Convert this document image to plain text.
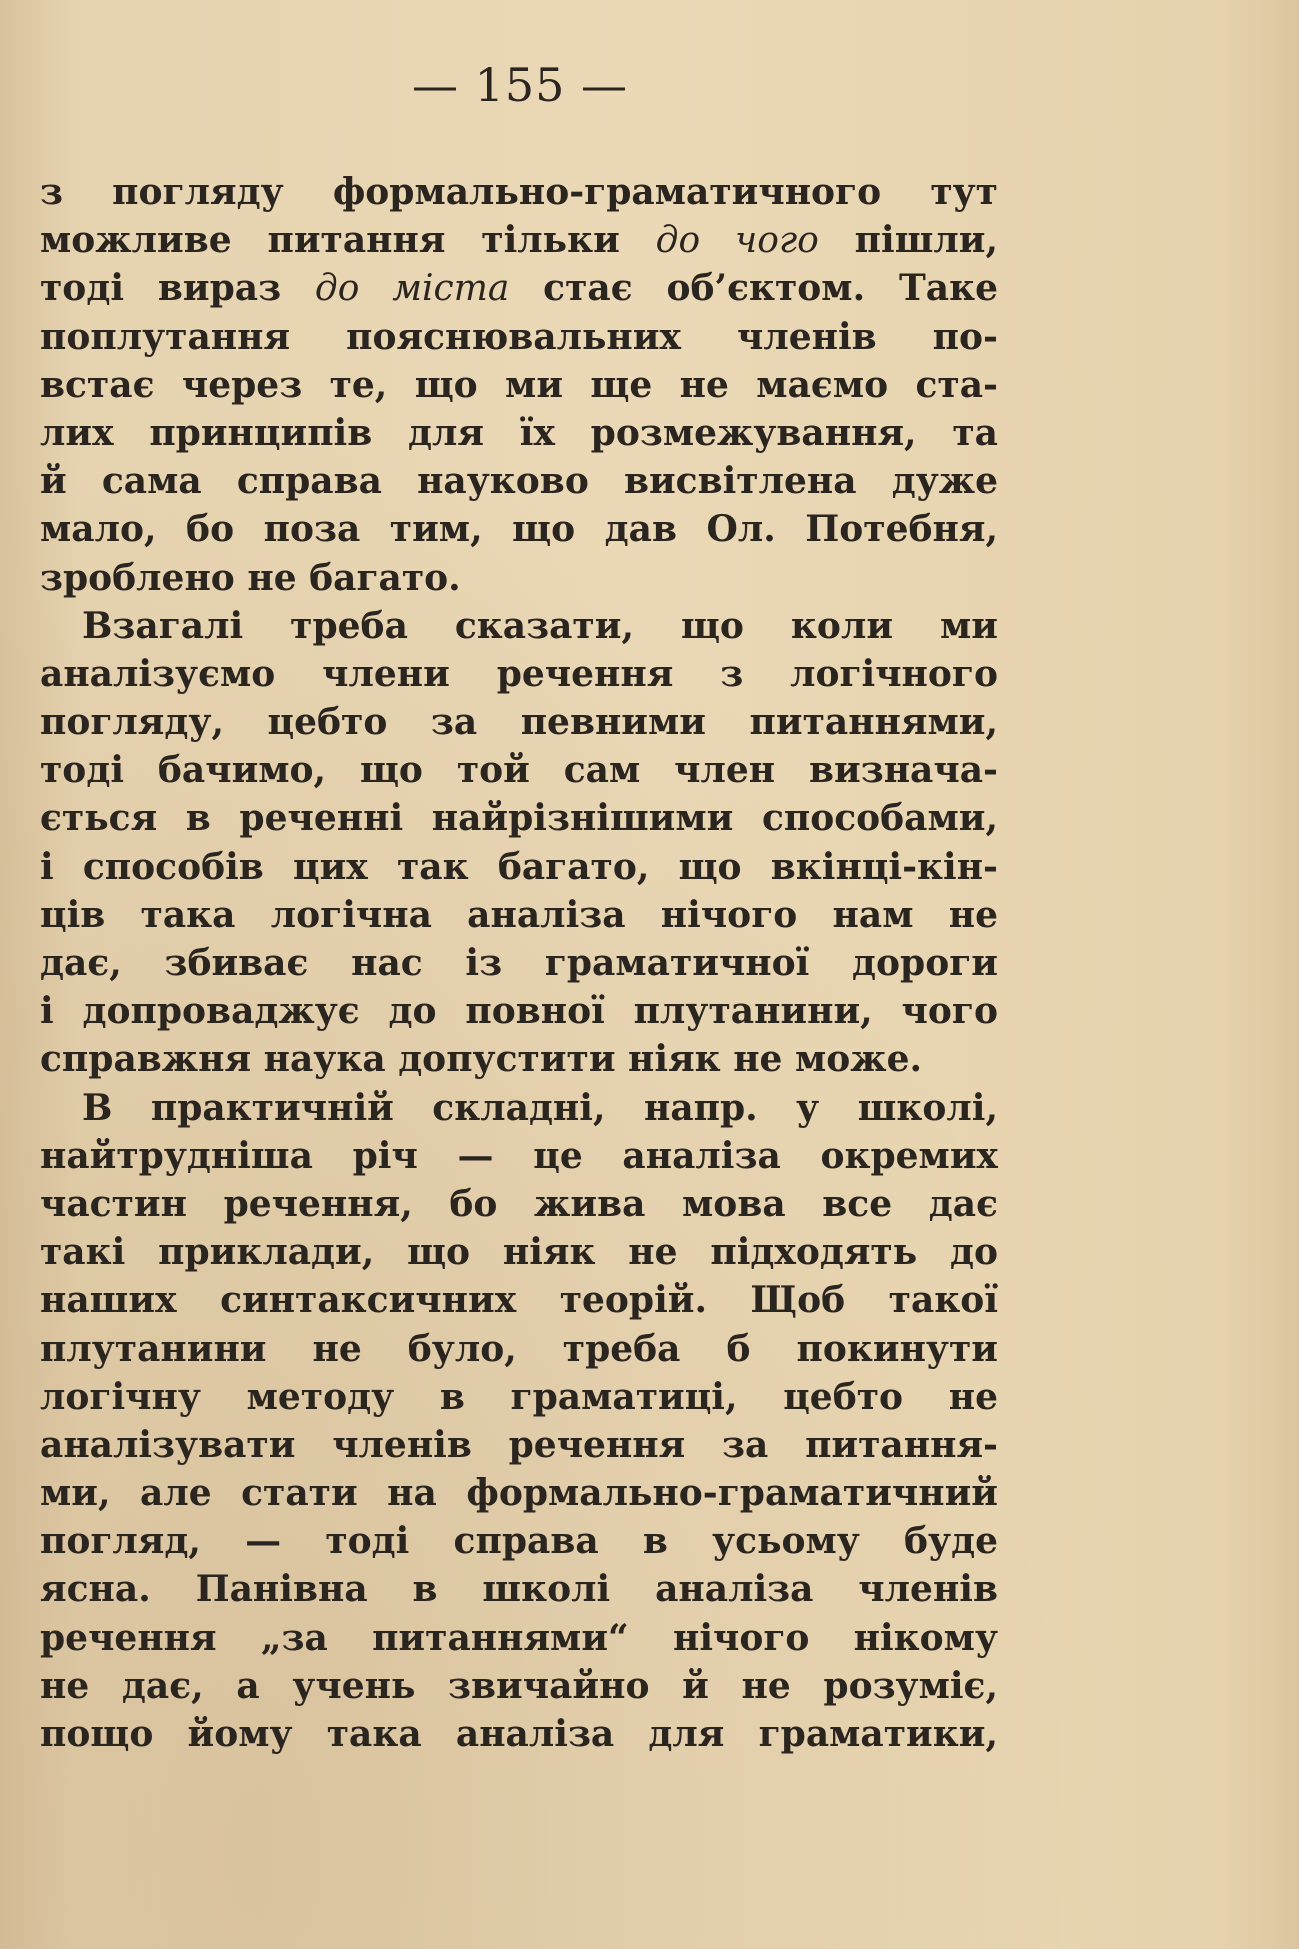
— 155 —
з погляду формально-граматичного тут
можливе питання тільки до чого пішли,
тоді вираз до міста стає об’єктом. Таке
поплутання пояснювальних членів по-
встає через те, що ми ще не маємо ста-
лих принципів для їх розмежування, та
й сама справа науково висвітлена дуже
мало, бо поза тим, що дав Ол. Потебня,
зроблено не багато.
Взагалі треба сказати, що коли ми
аналізуємо члени речення з логічного
погляду, цебто за певними питаннями,
тоді бачимо, що той сам член визнача-
ється в реченні найрізнішими способами,
і способів цих так багато, що вкінці-кін-
ців така логічна аналіза нічого нам не
дає, збиває нас із граматичної дороги
і допроваджує до повної плутанини, чого
справжня наука допустити ніяк не може.
В практичній складні, напр. у школі,
найтрудніша річ — це аналіза окремих
частин речення, бо жива мова все дає
такі приклади, що ніяк не підходять до
наших синтаксичних теорій. Щоб такої
плутанини не було, треба б покинути
логічну методу в граматиці, цебто не
аналізувати членів речення за питання-
ми, але стати на формально-граматичний
погляд, — тоді справа в усьому буде
ясна. Панівна в школі аналіза членів
речення „за питаннями“ нічого нікому
не дає, а учень звичайно й не розуміє,
пощо йому така аналіза для граматики,
